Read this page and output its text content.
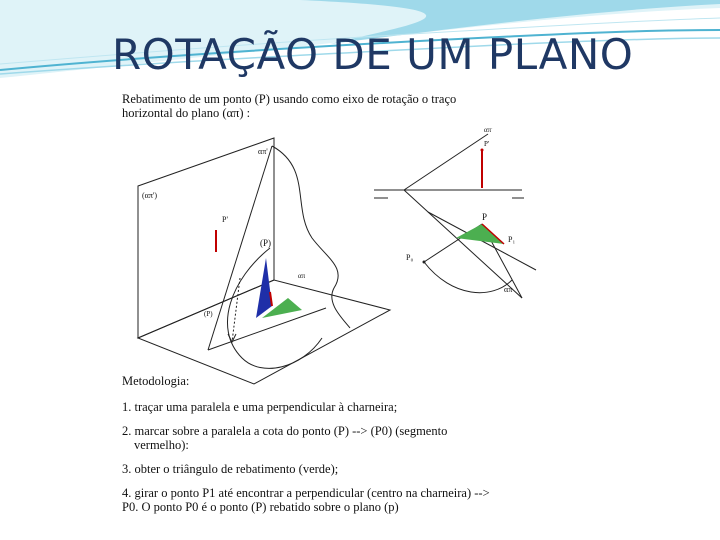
ROTAÇÃO DE UM PLANO
Rebatimento de um ponto (P) usando como eixo de rotação o traço
horizontal do plano (απ) :
(απ')
απ'
P'
(P)
απ
(P)
απ'
P'
P
P₁
P₀
απ
Metodologia:
1. traçar uma paralela e uma perpendicular à charneira;
2. marcar sobre a paralela a cota do ponto (P) --> (P0) (segmento
vermelho):
3. obter o triângulo de rebatimento (verde);
4. girar o ponto P1 até encontrar a perpendicular (centro na charneira) -->
P0. O ponto P0 é o ponto (P) rebatido sobre o plano (p)
